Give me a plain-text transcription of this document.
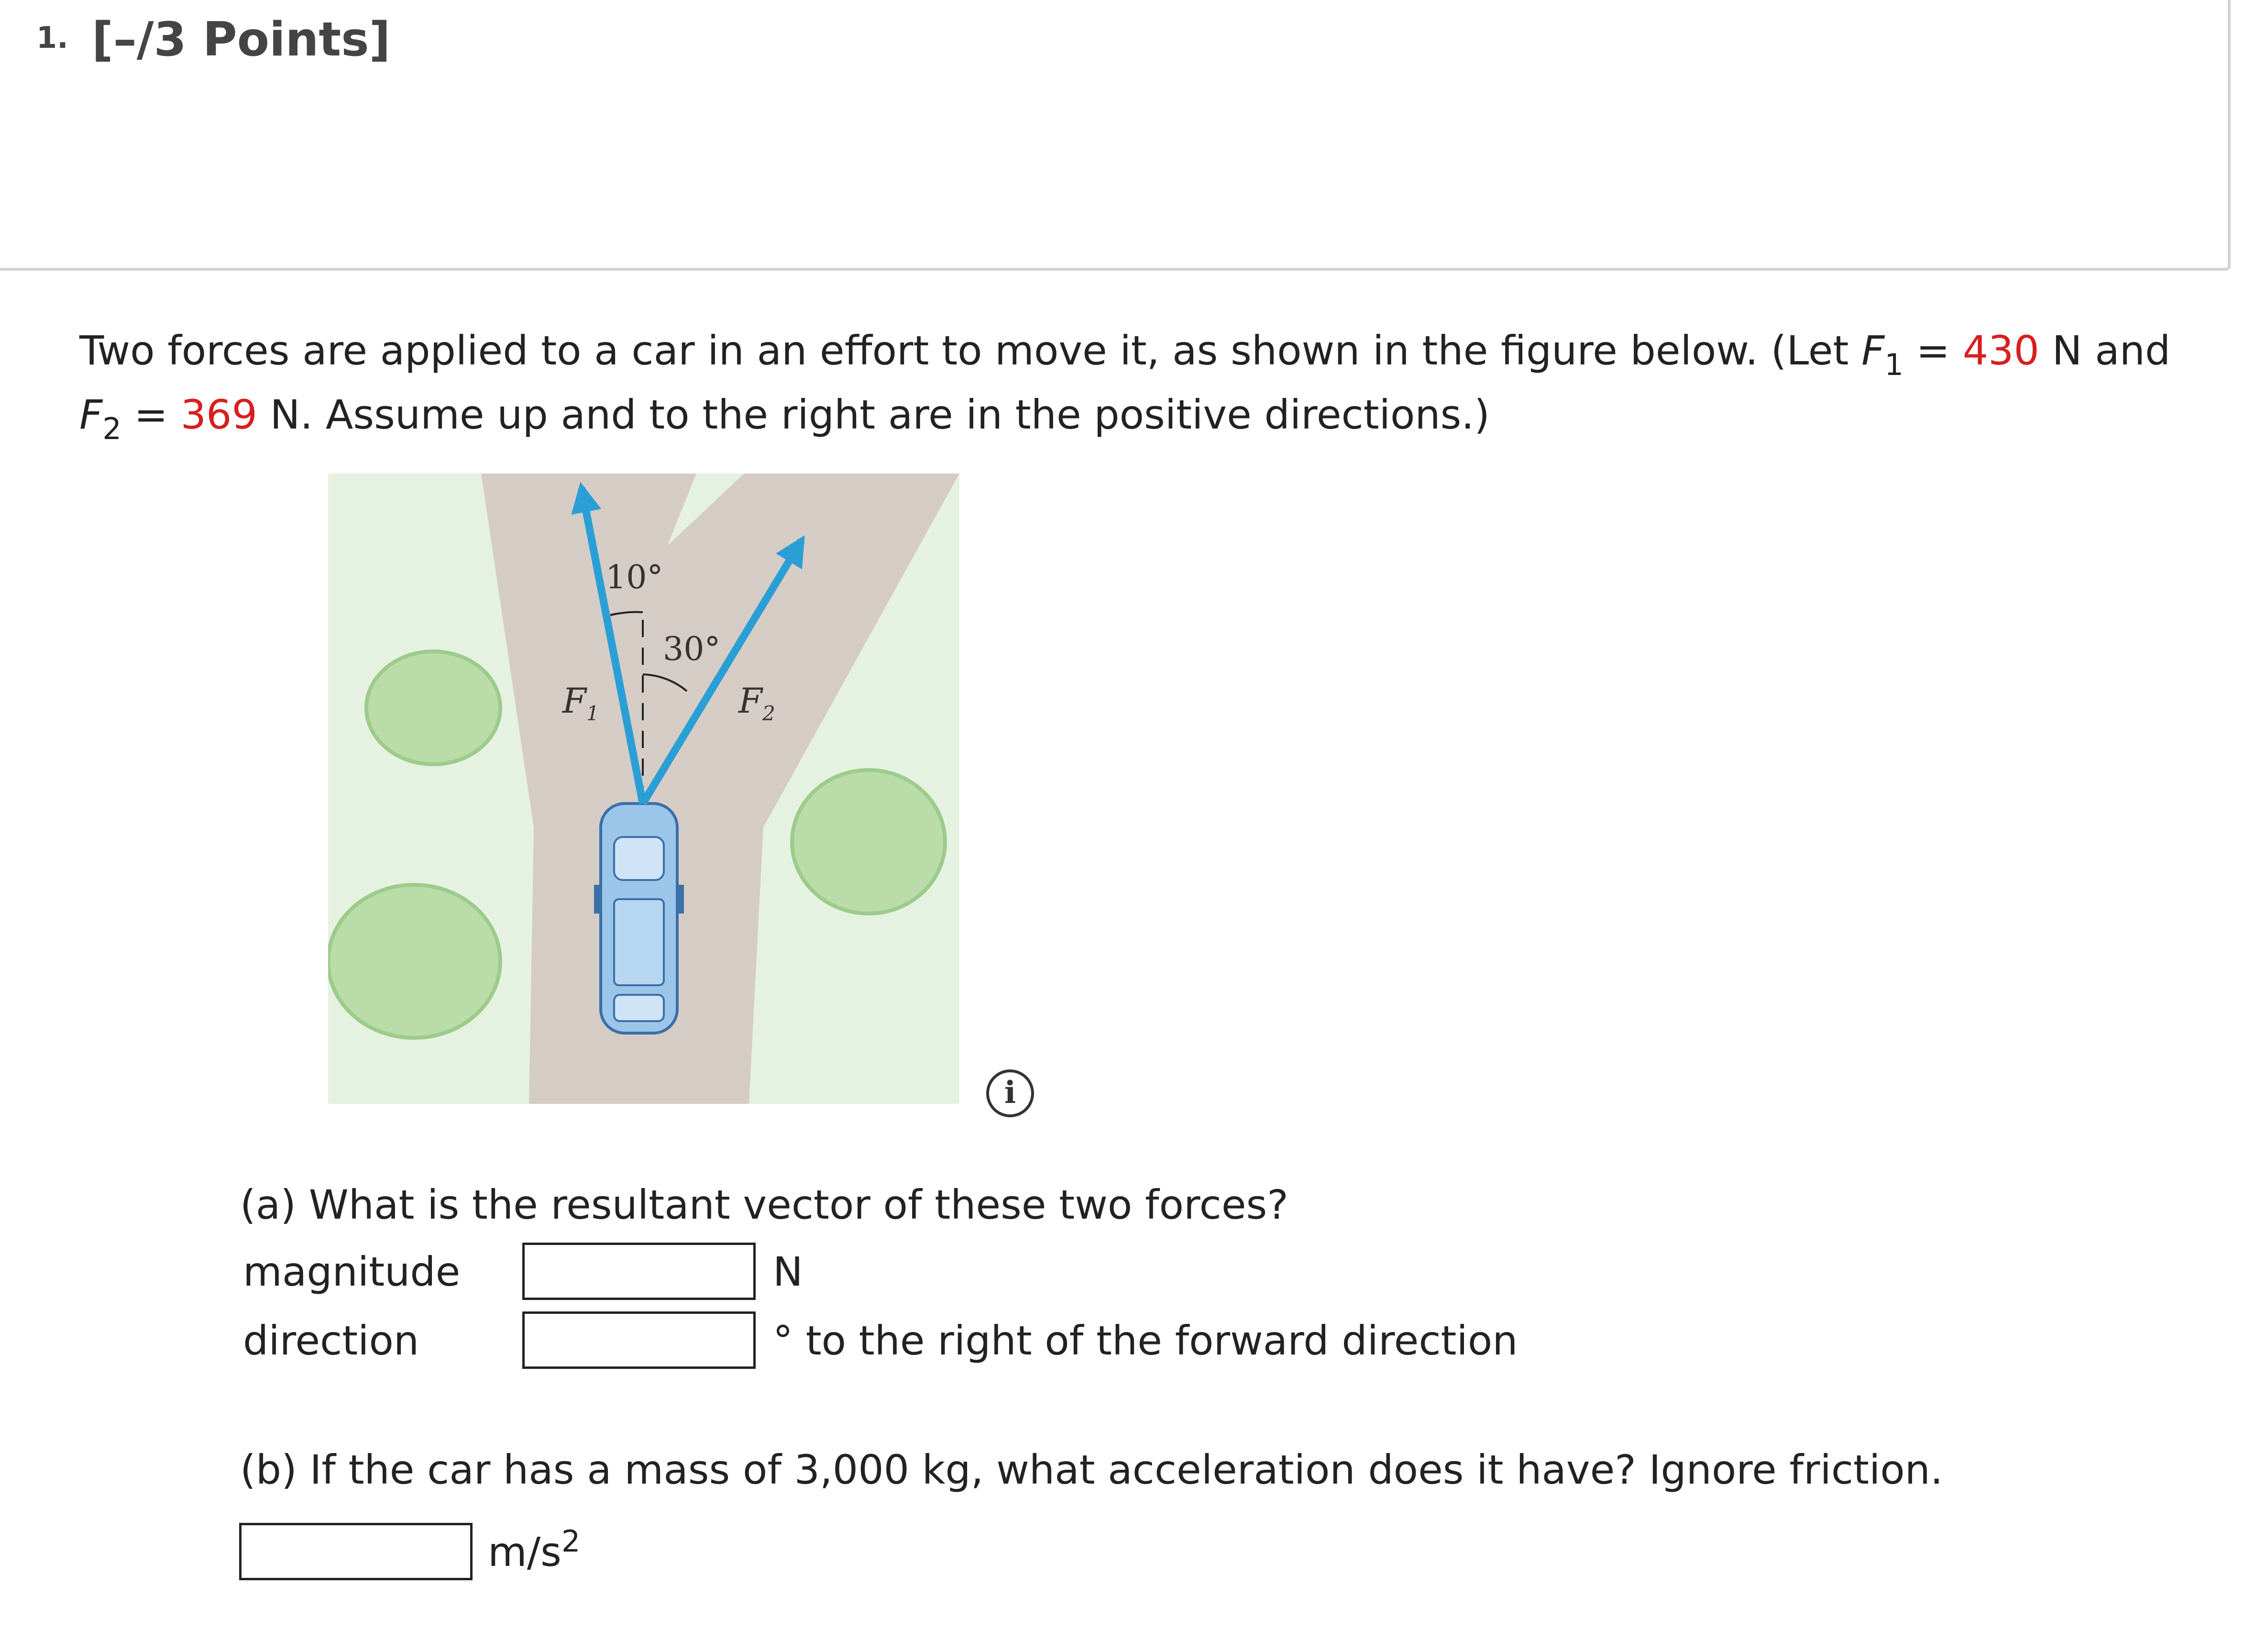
1. [–/3 Points]
Two forces are applied to a car in an effort to move it, as shown in the figure below. (Let $F_1 = 430$ N and
$F_2 = 369$ N. Assume up and to the right are in the positive directions.)
10°
30°
$F_1$	$F_2$
i
(a) What is the resultant vector of these two forces?
magnitude	N
direction	° to the right of the forward direction
(b) If the car has a mass of 3,000 kg, what acceleration does it have? Ignore friction.
$m/s^2$
